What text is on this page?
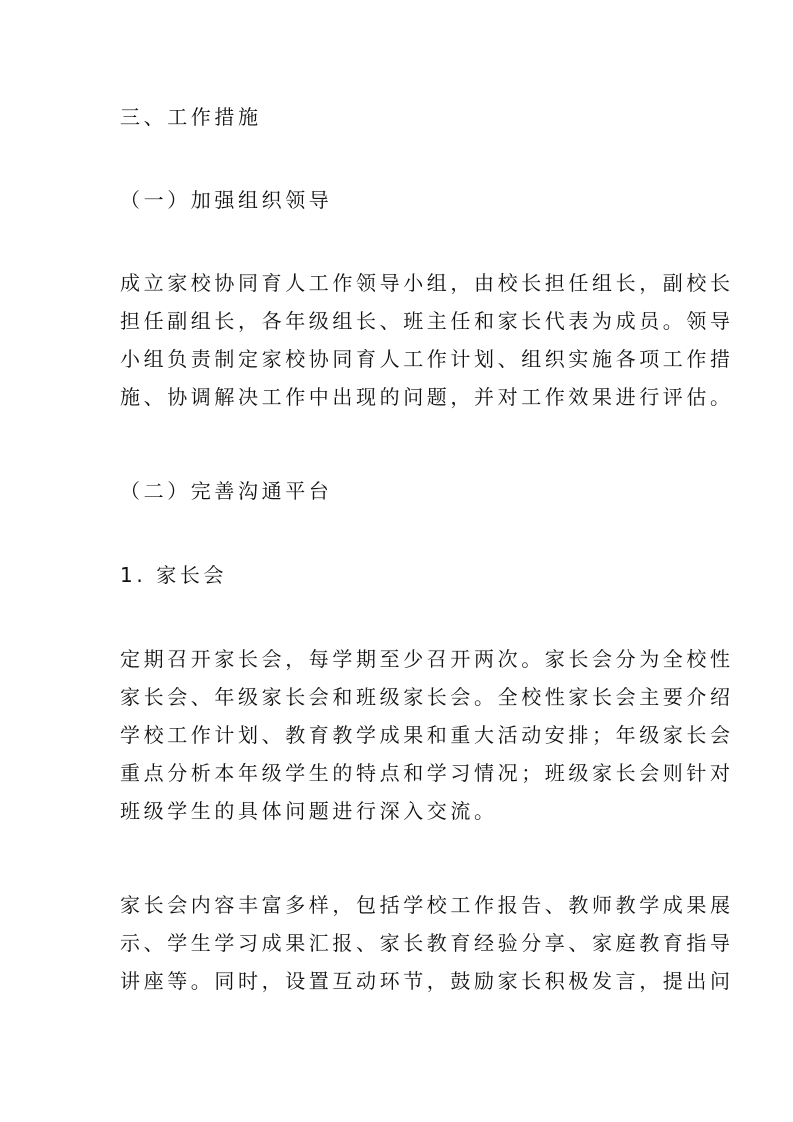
三、工作措施
（一）加强组织领导
成立家校协同育人工作领导小组，由校长担任组长，副校长
担任副组长，各年级组长、班主任和家长代表为成员。领导
小组负责制定家校协同育人工作计划、组织实施各项工作措
施、协调解决工作中出现的问题，并对工作效果进行评估。
（二）完善沟通平台
1. 家长会
定期召开家长会，每学期至少召开两次。家长会分为全校性
家长会、年级家长会和班级家长会。全校性家长会主要介绍
学校工作计划、教育教学成果和重大活动安排；年级家长会
重点分析本年级学生的特点和学习情况；班级家长会则针对
班级学生的具体问题进行深入交流。
家长会内容丰富多样，包括学校工作报告、教师教学成果展
示、学生学习成果汇报、家长教育经验分享、家庭教育指导
讲座等。同时，设置互动环节，鼓励家长积极发言，提出问
